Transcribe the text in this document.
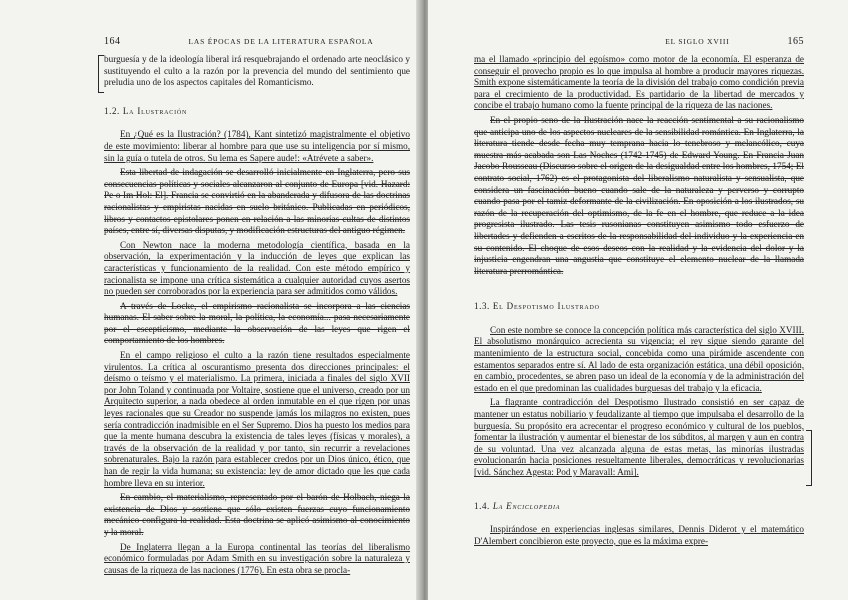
164	LAS ÉPOCAS DE LA LITERATURA ESPAÑOLA

burguesía y de la ideología liberal irá resquebrajando el ordenado arte neoclásico y sustituyendo el culto a la razón por la prevencia del mundo del sentimiento que preludia uno de los aspectos capitales del Romanticismo.

1.2. La Ilustración

En ¿Qué es la Ilustración? (1784), Kant sintetizó magistralmente el objetivo de este movimiento: liberar al hombre para que use su inteligencia por sí mismo, sin la guía o tutela de otros. Su lema es Sapere aude!: «Atrévete a saber».

Esta libertad de indagación se desarrolló inicialmente en Inglaterra, pero sus consecuencias políticas y sociales alcanzaron al conjunto de Europa [vid. Hazard: Pe o Im Hol: El]. Francia se convirtió en la abanderada y difusora de las doctrinas racionalistas y empiristas nacidas en suelo británico. Publicadas en periódicos, libros y contactos epistolares ponen en relación a las minorías cultas de distintos países, entre sí, diversas disputas, y modificación estructuras del antiguo régimen.

Con Newton nace la moderna metodología científica, basada en la observación, la experimentación y la inducción de leyes que explican las características y funcionamiento de la realidad. Con este método empírico y racionalista se impone una crítica sistemática a cualquier autoridad cuyos asertos no pueden ser corroborados por la experiencia para ser admitidos como válidos.

A través de Locke, el empirismo racionalista se incorpora a las ciencias humanas. El saber sobre la moral, la política, la economía... pasa necesariamente por el escepticismo, mediante la observación de las leyes que rigen el comportamiento de los hombres.

En el campo religioso el culto a la razón tiene resultados especialmente virulentos. La crítica al oscurantismo presenta dos direcciones principales: el deísmo o teísmo y el materialismo. La primera, iniciada a finales del siglo XVII por John Toland y continuada por Voltaire, sostiene que el universo, creado por un Arquitecto superior, a nada obedece al orden inmutable en el que rigen por unas leyes racionales que su Creador no suspende jamás los milagros no existen, pues sería contradicción inadmisible en el Ser Supremo. Dios ha puesto los medios para que la mente humana descubra la existencia de tales leyes (físicas y morales), a través de la observación de la realidad y por tanto, sin recurrir a revelaciones sobrenaturales. Bajo la razón para establecer credos por un Dios único, ético, que han de regir la vida humana; su existencia: ley de amor dictado que les que cada hombre lleva en su interior.

En cambio, el materialismo, representado por el barón de Holbach, niega la existencia de Dios y sostiene que sólo existen fuerzas cuyo funcionamiento mecánico configura la realidad. Esta doctrina se aplicó asimismo al conocimiento y la moral.

De Inglaterra llegan a la Europa continental las teorías del liberalismo económico formuladas por Adam Smith en su investigación sobre la naturaleza y causas de la riqueza de las naciones (1776). En esta obra se procla-

EL SIGLO XVIII	165

ma el llamado «principio del egoísmo» como motor de la economía. El esperanza de conseguir el provecho propio es lo que impulsa al hombre a producir mayores riquezas. Smith expone sistemáticamente la teoría de la división del trabajo como condición previa para el crecimiento de la productividad. Es partidario de la libertad de mercados y concibe el trabajo humano como la fuente principal de la riqueza de las naciones.

En el propio seno de la Ilustración nace la reacción sentimental a su racionalismo que anticipa uno de los aspectos nucleares de la sensibilidad romántica. En Inglaterra, la literatura tiende desde fecha muy temprana hacia lo tenebroso y melancólico, cuya muestra más acabada son Las Noches (1742-1745) de Edward Young. En Francia Juan Jacobo Rousseau (Discurso sobre el origen de la desigualdad entre los hombres, 1754; El contrato social, 1762) es el protagonista del liberalismo naturalista y sensualista, que considera un fascinación bueno cuando sale de la naturaleza y perverso y corrupto cuando pasa por el tamiz deformante de la civilización. En oposición a los ilustrados, su razón de la recuperación del optimismo, de la fe en el hombre, que reduce a la idea progresista ilustrado. Las tesis rusonianas constituyen asimismo todo esfuerzo de libertades y defienden a escritos de la responsabilidad del individuo y la experiencia en su contenido. El choque de esos deseos con la realidad y la evidencia del dolor y la injusticia engendran una angustia que constituye el elemento nuclear de la llamada literatura prerromántica.

1.3. El Despotismo Ilustrado

Con este nombre se conoce la concepción política más característica del siglo XVIII. El absolutismo monárquico acrecienta su vigencia; el rey sigue siendo garante del mantenimiento de la estructura social, concebida como una pirámide ascendente con estamentos separados entre sí. Al lado de esta organización estática, una débil oposición, en cambio, procedentes, se abren paso un ideal de la economía y de la administración del estado en el que predominan las cualidades burguesas del trabajo y la eficacia.

La flagrante contradicción del Despotismo Ilustrado consistió en ser capaz de mantener un estatus nobiliario y feudalizante al tiempo que impulsaba el desarrollo de la burguesía. Su propósito era acrecentar el progreso económico y cultural de los pueblos, fomentar la ilustración y aumentar el bienestar de los súbditos, al margen y aun en contra de su voluntad. Una vez alcanzada alguna de estas metas, las minorías ilustradas evolucionarán hacia posiciones resueltamente liberales, democráticas y revolucionarias [vid. Sánchez Agesta: Pod y Maravall: Ami].

1.4. La Enciclopedia

Inspirándose en experiencias inglesas similares, Dennis Diderot y el matemático D'Alembert concibieron este proyecto, que es la máxima expre-
